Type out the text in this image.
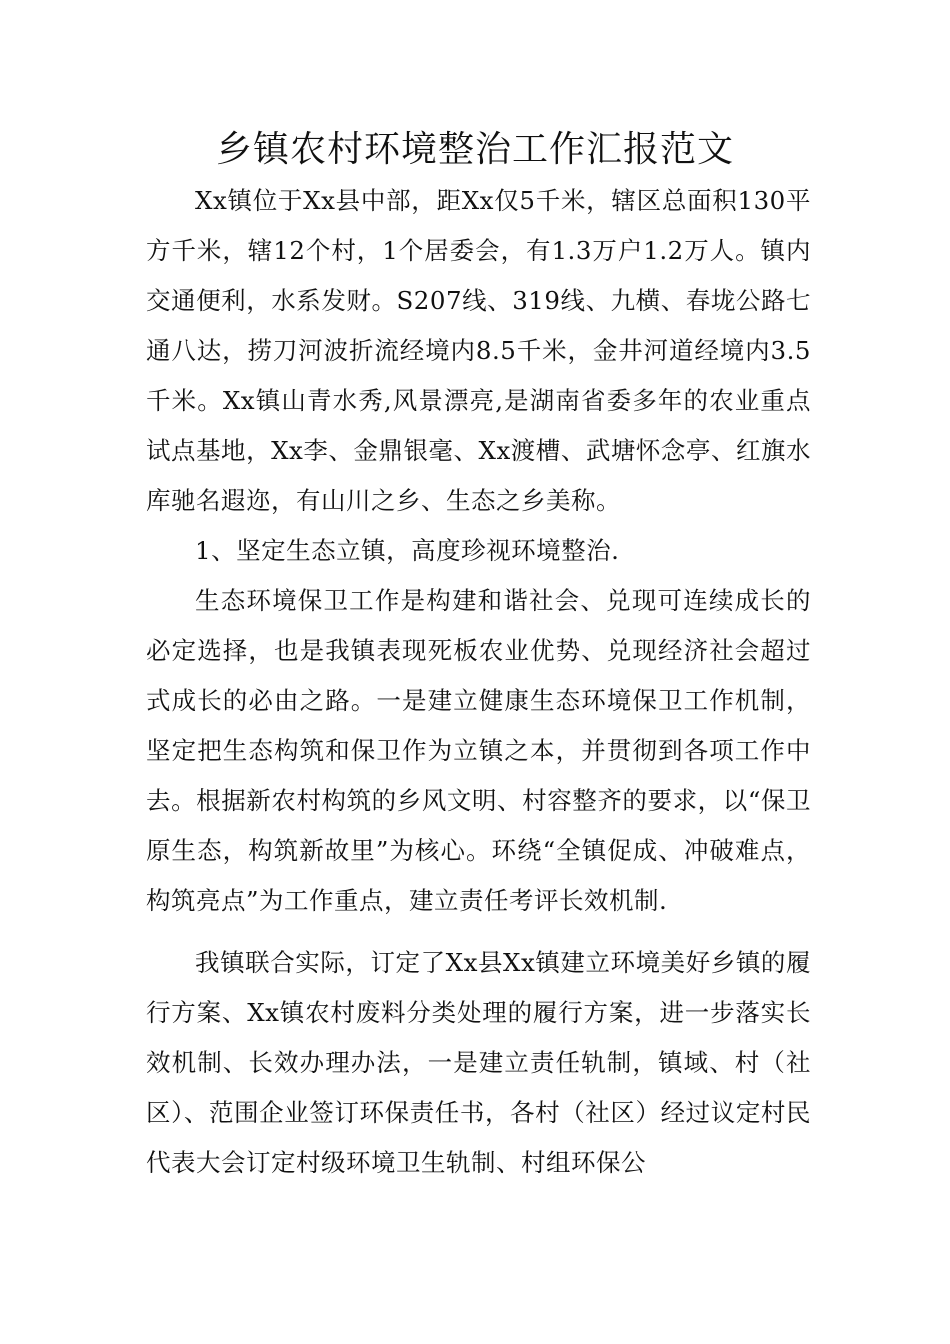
乡镇农村环境整治工作汇报范文

Xx镇位于Xx县中部，距Xx仅5千米，辖区总面积130平方千米，辖12个村，1个居委会，有1.3万户1.2万人。镇内交通便利，水系发财。S207线、319线、九横、春垅公路七通八达，捞刀河波折流经境内8.5千米，金井河道经境内3.5千米。Xx镇山青水秀,风景漂亮,是湖南省委多年的农业重点试点基地，Xx李、金鼎银毫、Xx渡槽、武塘怀念亭、红旗水库驰名遐迩，有山川之乡、生态之乡美称。

1、坚定生态立镇，高度珍视环境整治.

生态环境保卫工作是构建和谐社会、兑现可连续成长的必定选择，也是我镇表现死板农业优势、兑现经济社会超过式成长的必由之路。一是建立健康生态环境保卫工作机制，坚定把生态构筑和保卫作为立镇之本，并贯彻到各项工作中去。根据新农村构筑的乡风文明、村容整齐的要求，以“保卫原生态，构筑新故里”为核心。环绕“全镇促成、冲破难点，构筑亮点”为工作重点，建立责任考评长效机制.

我镇联合实际，订定了Xx县Xx镇建立环境美好乡镇的履行方案、Xx镇农村废料分类处理的履行方案，进一步落实长效机制、长效办理办法，一是建立责任轨制，镇域、村（社区）、范围企业签订环保责任书，各村（社区）经过议定村民代表大会订定村级环境卫生轨制、村组环保公
